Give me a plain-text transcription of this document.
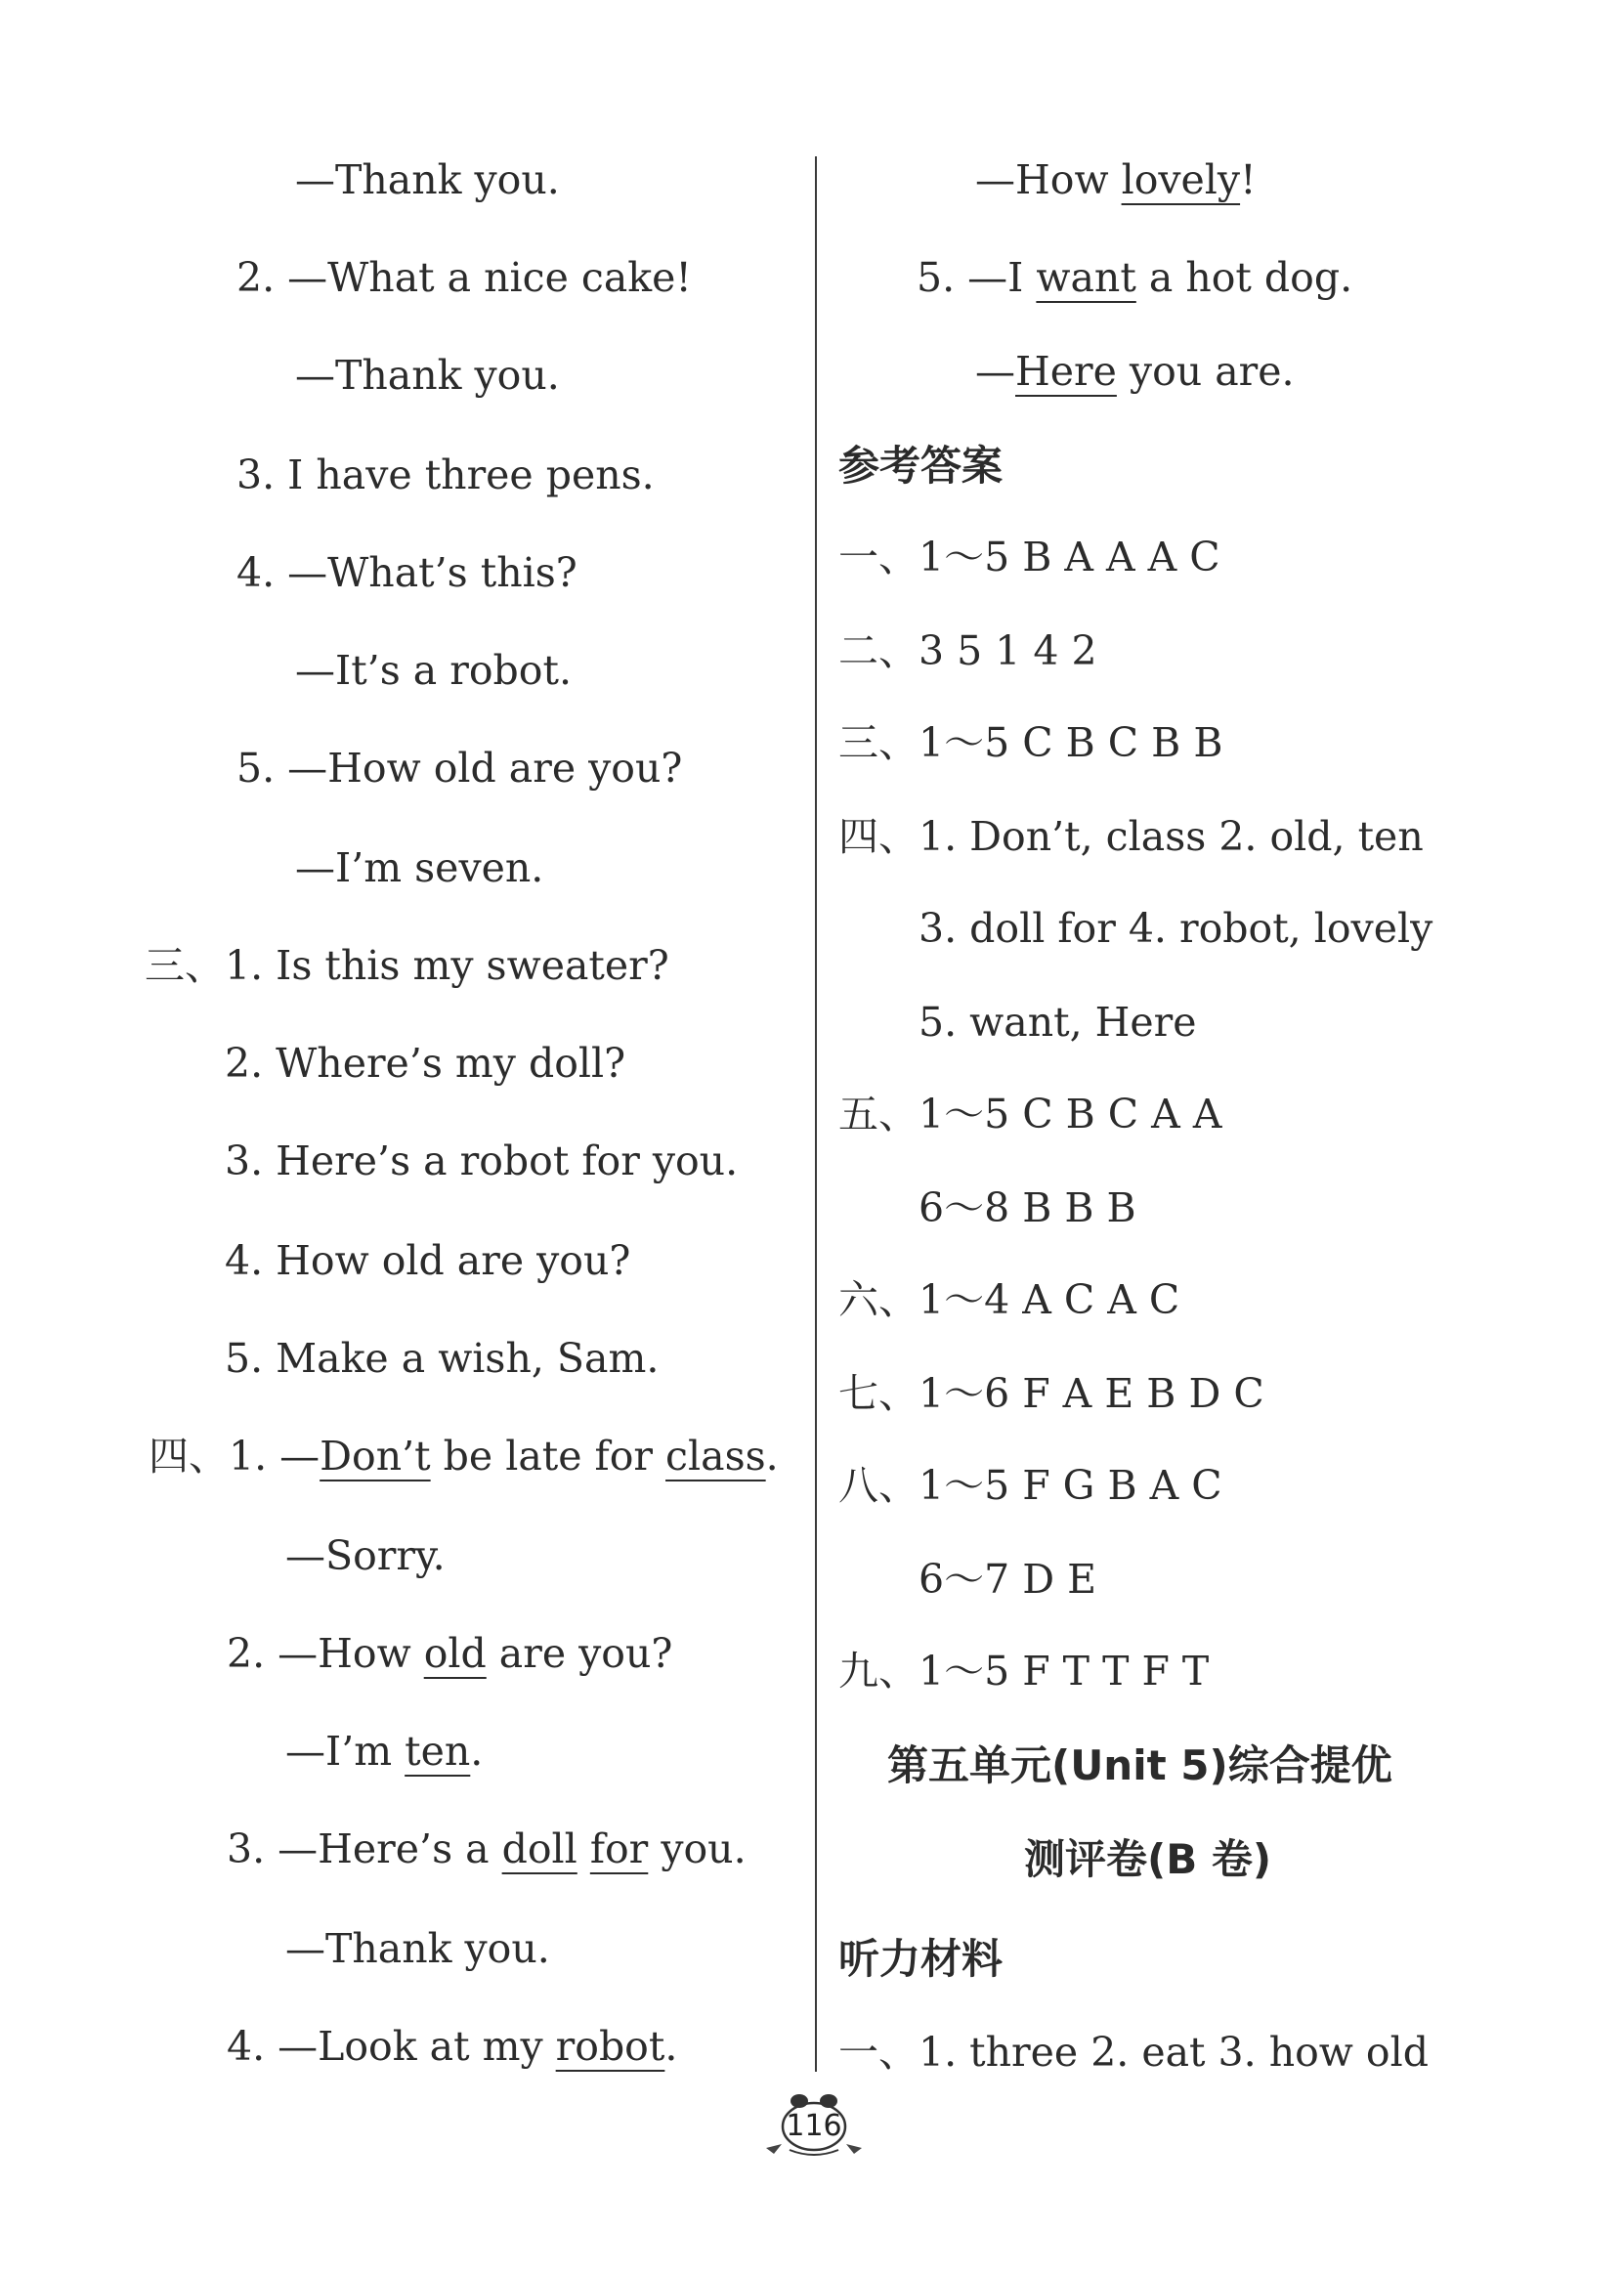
—Thank you.
2. —What a nice cake!
—Thank you.
3. I have three pens.
4. —What’s this?
—It’s a robot.
5. —How old are you?
—I’m seven.
三、1. Is this my sweater?
2. Where’s my doll?
3. Here’s a robot for you.
4. How old are you?
5. Make a wish, Sam.
四、1. —Don’t be late for class.
—Sorry.
2. —How old are you?
—I’m ten.
3. —Here’s a doll for you.
—Thank you.
4. —Look at my robot.
—How lovely!
5. —I want a hot dog.
—Here you are.
参考答案
一、1～5 B A A A C
二、3 5 1 4 2
三、1～5 C B C B B
四、1. Don’t, class 2. old, ten
3. doll for 4. robot, lovely
5. want, Here
五、1～5 C B C A A
6～8 B B B
六、1～4 A C A C
七、1～6 F A E B D C
八、1～5 F G B A C
6～7 D E
九、1～5 F T T F T
第五单元(Unit 5)综合提优
测评卷(B 卷)
听力材料
一、1. three 2. eat 3. how old
116
